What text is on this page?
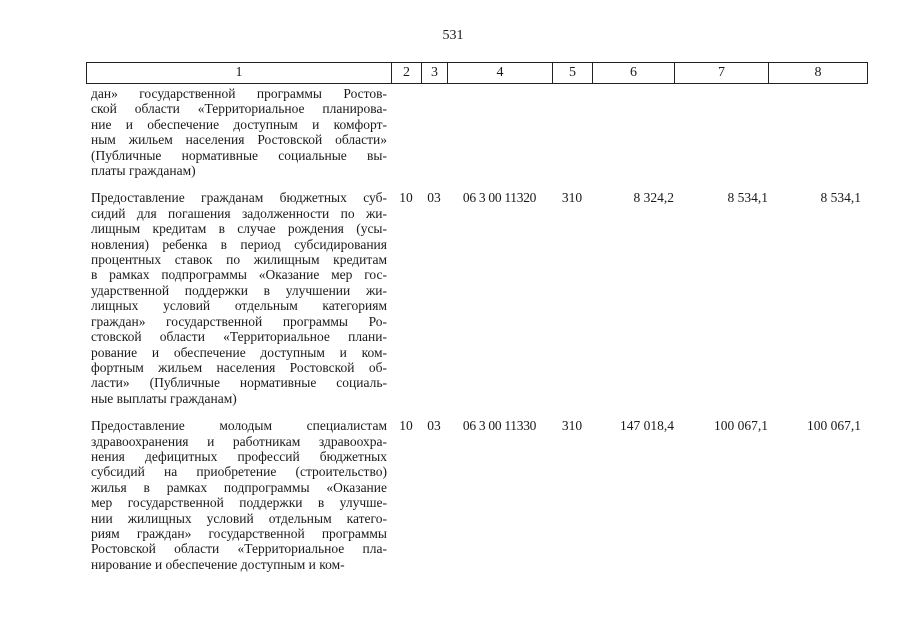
531
1	2	3	4	5	6	7	8
дан» государственной программы Ростов-
ской области «Территориальное планирова-
ние и обеспечение доступным и комфорт-
ным жильем населения Ростовской области»
(Публичные нормативные социальные вы-
платы гражданам)
Предоставление гражданам бюджетных суб-
сидий для погашения задолженности по жи-
лищным кредитам в случае рождения (усы-
новления) ребенка в период субсидирования
процентных ставок по жилищным кредитам
в рамках подпрограммы «Оказание мер гос-
ударственной поддержки в улучшении жи-
лищных условий отдельным категориям
граждан» государственной программы Ро-
стовской области «Территориальное плани-
рование и обеспечение доступным и ком-
фортным жильем населения Ростовской об-
ласти» (Публичные нормативные социаль-
ные выплаты гражданам)
10	03	06 3 00 11320	310	8 324,2	8 534,1	8 534,1
Предоставление молодым специалистам
здравоохранения и работникам здравоохра-
нения дефицитных профессий бюджетных
субсидий на приобретение (строительство)
жилья в рамках подпрограммы «Оказание
мер государственной поддержки в улучше-
нии жилищных условий отдельным катего-
риям граждан» государственной программы
Ростовской области «Территориальное пла-
нирование и обеспечение доступным и ком-
10	03	06 3 00 11330	310	147 018,4	100 067,1	100 067,1
